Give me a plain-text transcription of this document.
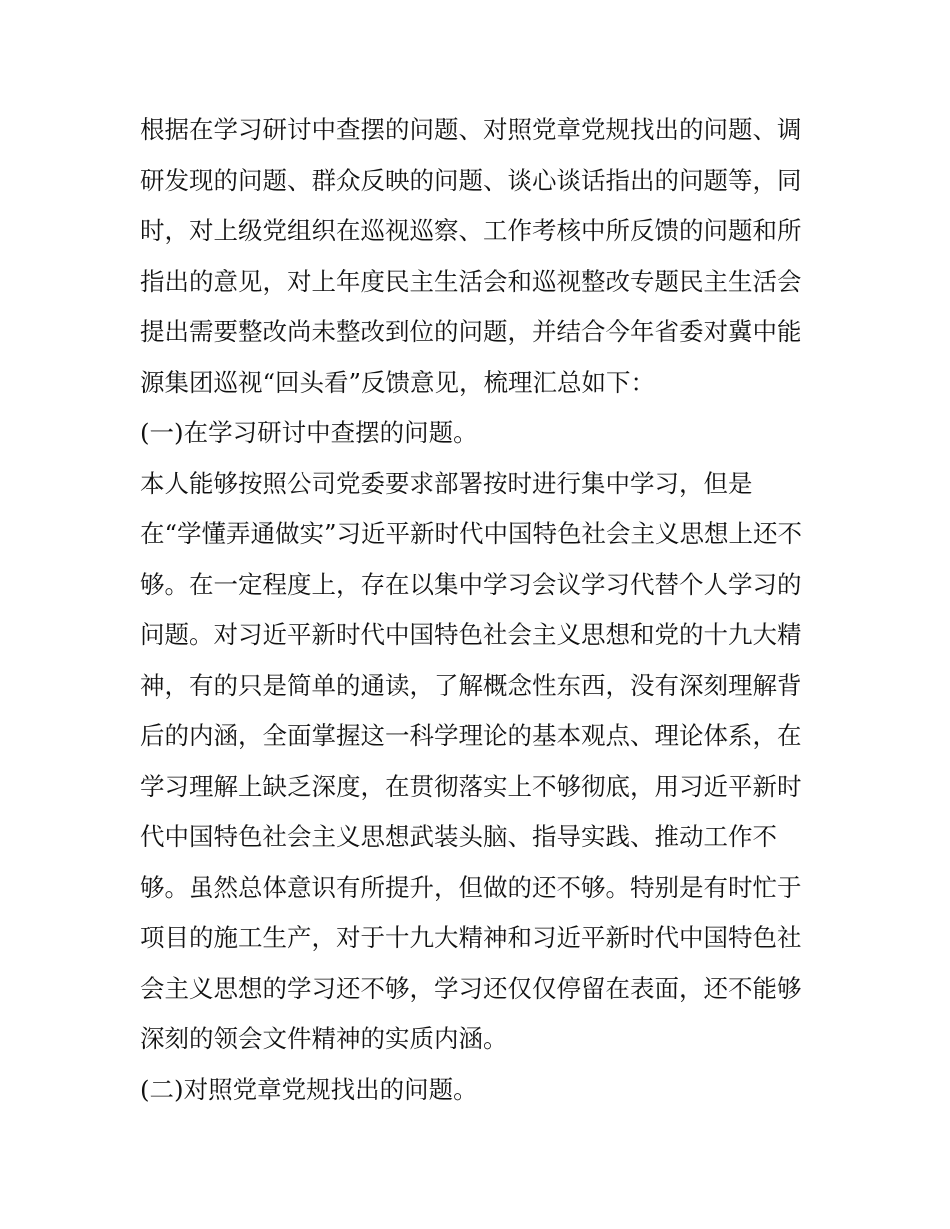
根据在学习研讨中查摆的问题、对照党章党规找出的问题、调
研发现的问题、群众反映的问题、谈心谈话指出的问题等，同
时，对上级党组织在巡视巡察、工作考核中所反馈的问题和所
指出的意见，对上年度民主生活会和巡视整改专题民主生活会
提出需要整改尚未整改到位的问题，并结合今年省委对冀中能
源集团巡视“回头看”反馈意见，梳理汇总如下：
(一)在学习研讨中查摆的问题。
本人能够按照公司党委要求部署按时进行集中学习，但是
在“学懂弄通做实”习近平新时代中国特色社会主义思想上还不
够。在一定程度上，存在以集中学习会议学习代替个人学习的
问题。对习近平新时代中国特色社会主义思想和党的十九大精
神，有的只是简单的通读，了解概念性东西，没有深刻理解背
后的内涵，全面掌握这一科学理论的基本观点、理论体系，在
学习理解上缺乏深度，在贯彻落实上不够彻底，用习近平新时
代中国特色社会主义思想武装头脑、指导实践、推动工作不
够。虽然总体意识有所提升，但做的还不够。特别是有时忙于
项目的施工生产，对于十九大精神和习近平新时代中国特色社
会主义思想的学习还不够，学习还仅仅停留在表面，还不能够
深刻的领会文件精神的实质内涵。
(二)对照党章党规找出的问题。
